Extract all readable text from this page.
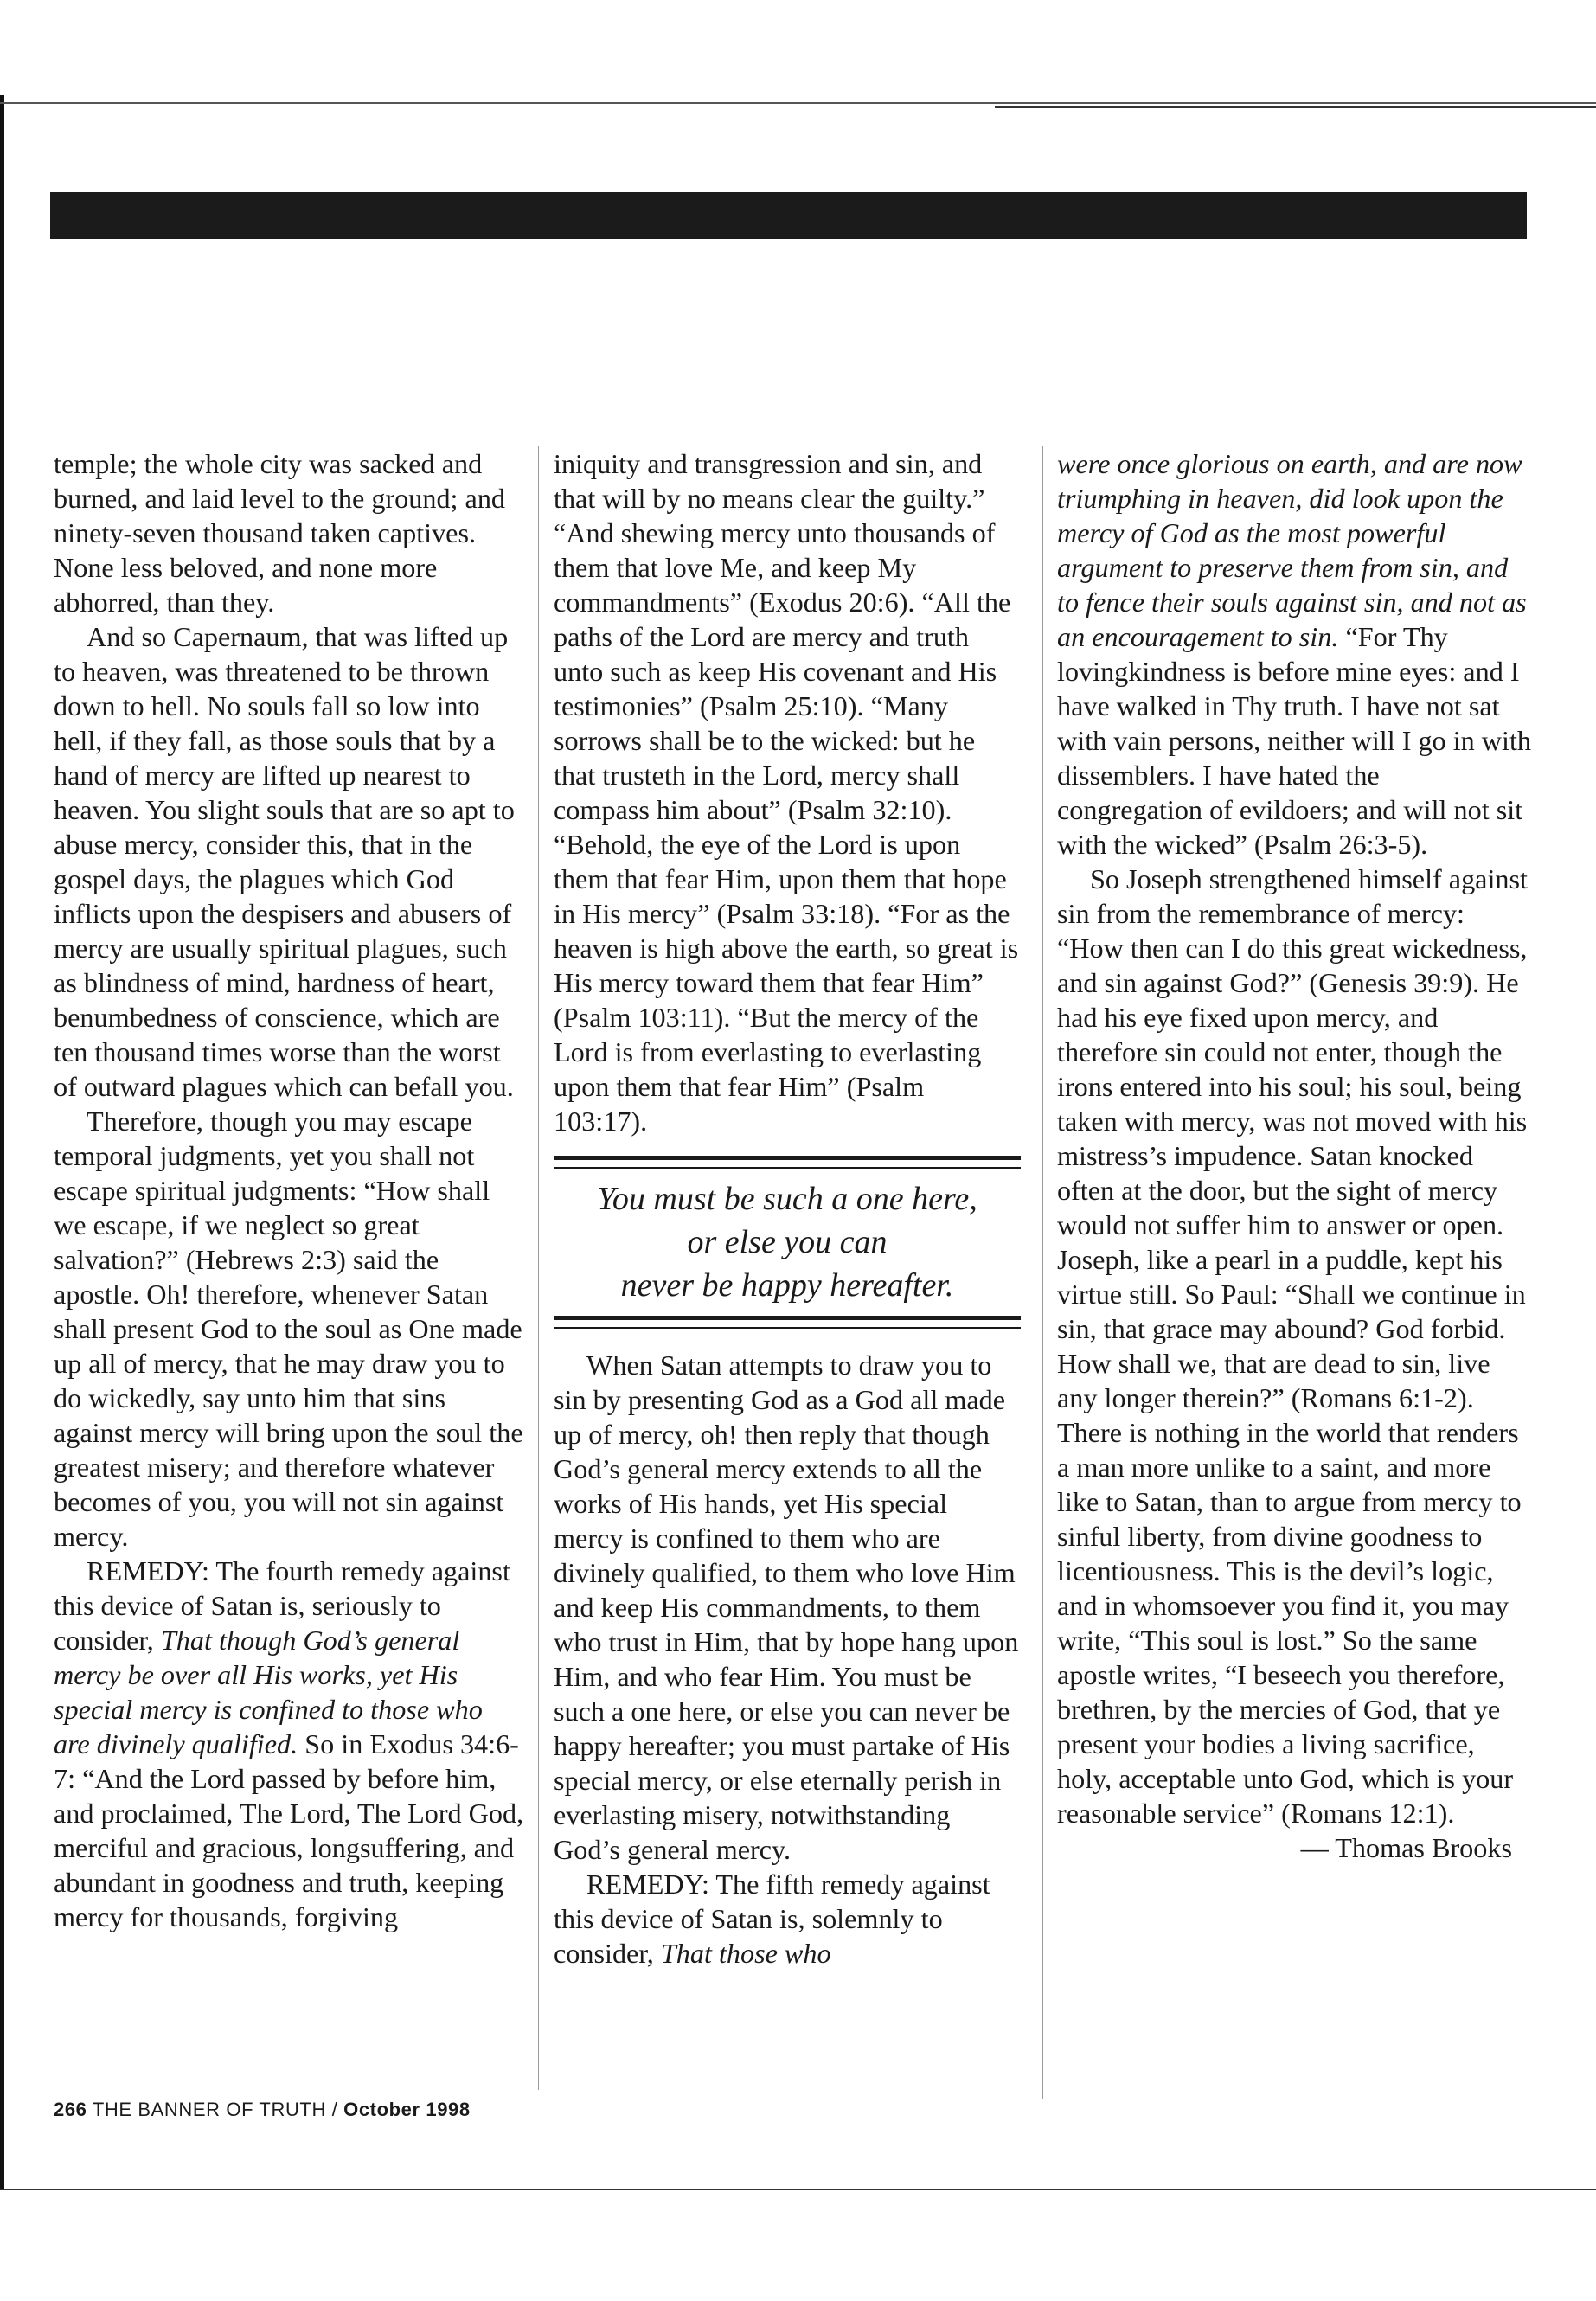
temple; the whole city was sacked and burned, and laid level to the ground; and ninety-seven thousand taken captives. None less beloved, and none more abhorred, than they.

And so Capernaum, that was lifted up to heaven, was threatened to be thrown down to hell. No souls fall so low into hell, if they fall, as those souls that by a hand of mercy are lifted up nearest to heaven. You slight souls that are so apt to abuse mercy, consider this, that in the gospel days, the plagues which God inflicts upon the despisers and abusers of mercy are usually spiritual plagues, such as blindness of mind, hardness of heart, benumbedness of conscience, which are ten thousand times worse than the worst of outward plagues which can befall you.

Therefore, though you may escape temporal judgments, yet you shall not escape spiritual judgments: “How shall we escape, if we neglect so great salvation?” (Hebrews 2:3) said the apostle. Oh! therefore, whenever Satan shall present God to the soul as One made up all of mercy, that he may draw you to do wickedly, say unto him that sins against mercy will bring upon the soul the greatest misery; and therefore whatever becomes of you, you will not sin against mercy.

REMEDY: The fourth remedy against this device of Satan is, seriously to consider, That though God’s general mercy be over all His works, yet His special mercy is confined to those who are divinely qualified. So in Exodus 34:6-7: “And the Lord passed by before him, and proclaimed, The Lord, The Lord God, merciful and gracious, longsuffering, and abundant in goodness and truth, keeping mercy for thousands, forgiving

iniquity and transgression and sin, and that will by no means clear the guilty.” “And shewing mercy unto thousands of them that love Me, and keep My commandments” (Exodus 20:6). “All the paths of the Lord are mercy and truth unto such as keep His covenant and His testimonies” (Psalm 25:10). “Many sorrows shall be to the wicked: but he that trusteth in the Lord, mercy shall compass him about” (Psalm 32:10). “Behold, the eye of the Lord is upon them that fear Him, upon them that hope in His mercy” (Psalm 33:18). “For as the heaven is high above the earth, so great is His mercy toward them that fear Him” (Psalm 103:11). “But the mercy of the Lord is from everlasting to everlasting upon them that fear Him” (Psalm 103:17).

You must be such a one here,
or else you can
never be happy hereafter.

When Satan attempts to draw you to sin by presenting God as a God all made up of mercy, oh! then reply that though God’s general mercy extends to all the works of His hands, yet His special mercy is confined to them who are divinely qualified, to them who love Him and keep His commandments, to them who trust in Him, that by hope hang upon Him, and who fear Him. You must be such a one here, or else you can never be happy hereafter; you must partake of His special mercy, or else eternally perish in everlasting misery, notwithstanding God’s general mercy.

REMEDY: The fifth remedy against this device of Satan is, solemnly to consider, That those who

were once glorious on earth, and are now triumphing in heaven, did look upon the mercy of God as the most powerful argument to preserve them from sin, and to fence their souls against sin, and not as an encouragement to sin. “For Thy lovingkindness is before mine eyes: and I have walked in Thy truth. I have not sat with vain persons, neither will I go in with dissemblers. I have hated the congregation of evildoers; and will not sit with the wicked” (Psalm 26:3-5).

So Joseph strengthened himself against sin from the remembrance of mercy: “How then can I do this great wickedness, and sin against God?” (Genesis 39:9). He had his eye fixed upon mercy, and therefore sin could not enter, though the irons entered into his soul; his soul, being taken with mercy, was not moved with his mistress’s impudence. Satan knocked often at the door, but the sight of mercy would not suffer him to answer or open. Joseph, like a pearl in a puddle, kept his virtue still. So Paul: “Shall we continue in sin, that grace may abound? God forbid. How shall we, that are dead to sin, live any longer therein?” (Romans 6:1-2). There is nothing in the world that renders a man more unlike to a saint, and more like to Satan, than to argue from mercy to sinful liberty, from divine goodness to licentiousness. This is the devil’s logic, and in whomsoever you find it, you may write, “This soul is lost.” So the same apostle writes, “I beseech you therefore, brethren, by the mercies of God, that ye present your bodies a living sacrifice, holy, acceptable unto God, which is your reasonable service” (Romans 12:1).

— Thomas Brooks

266 THE BANNER OF TRUTH / October 1998
